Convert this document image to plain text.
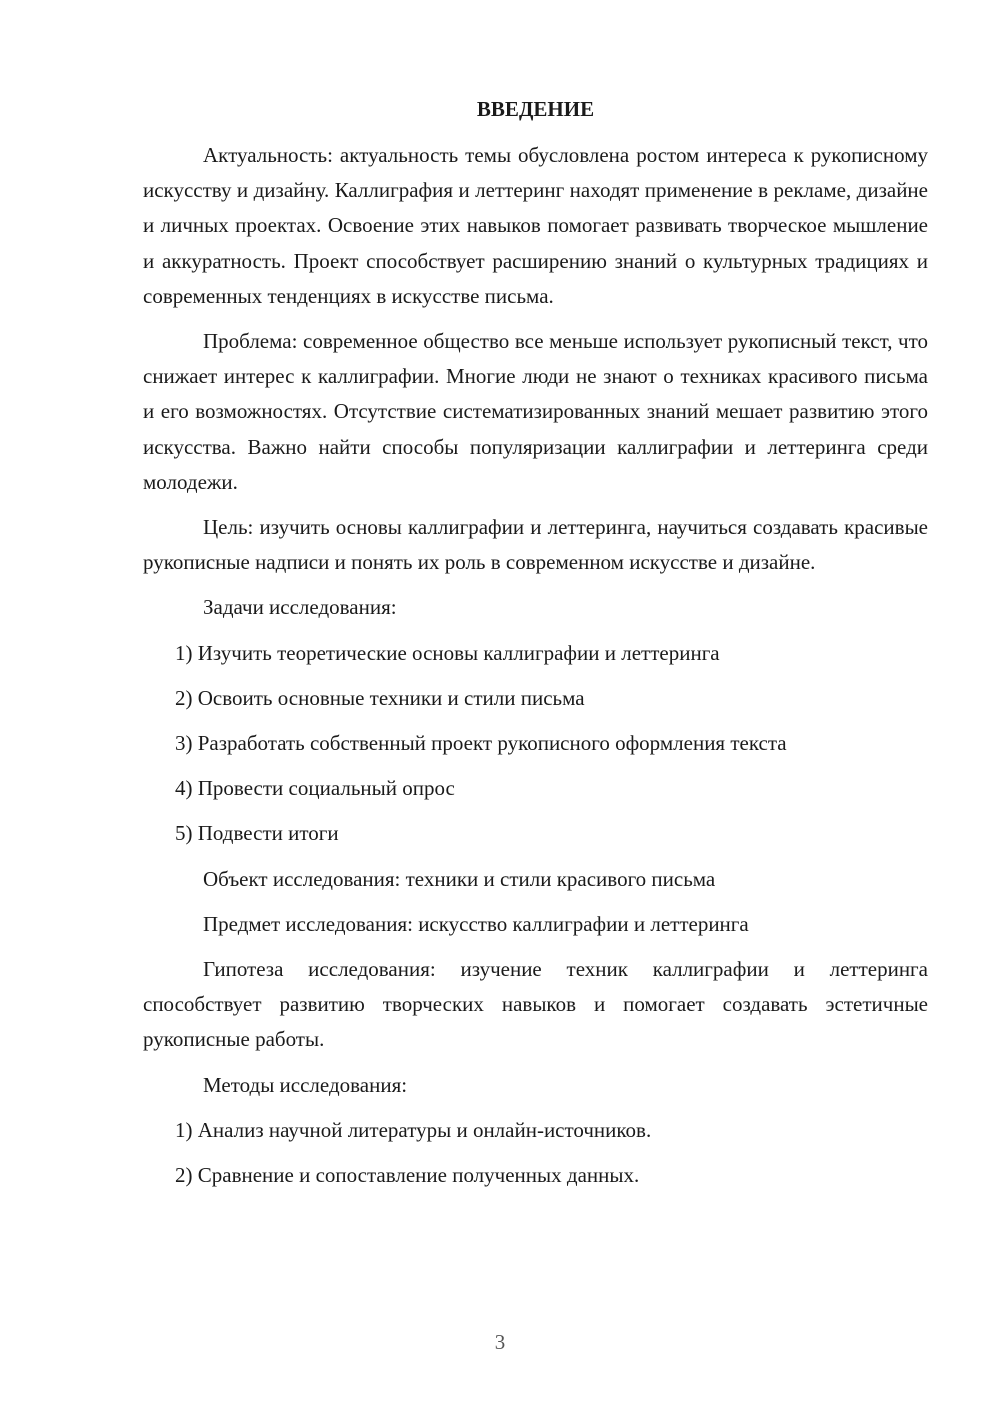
ВВЕДЕНИЕ

Актуальность: актуальность темы обусловлена ростом интереса к рукописному искусству и дизайну. Каллиграфия и леттеринг находят применение в рекламе, дизайне и личных проектах. Освоение этих навыков помогает развивать творческое мышление и аккуратность. Проект способствует расширению знаний о культурных традициях и современных тенденциях в искусстве письма.

Проблема: современное общество все меньше использует рукописный текст, что снижает интерес к каллиграфии. Многие люди не знают о техниках красивого письма и его возможностях. Отсутствие систематизированных знаний мешает развитию этого искусства. Важно найти способы популяризации каллиграфии и леттеринга среди молодежи.

Цель: изучить основы каллиграфии и леттеринга, научиться создавать красивые рукописные надписи и понять их роль в современном искусстве и дизайне.

Задачи исследования:
1) Изучить теоретические основы каллиграфии и леттеринга
2) Освоить основные техники и стили письма
3) Разработать собственный проект рукописного оформления текста
4) Провести социальный опрос
5) Подвести итоги
Объект исследования: техники и стили красивого письма
Предмет исследования: искусство каллиграфии и леттеринга

Гипотеза исследования: изучение техник каллиграфии и леттеринга способствует развитию творческих навыков и помогает создавать эстетичные рукописные работы.

Методы исследования:
1) Анализ научной литературы и онлайн-источников.
2) Сравнение и сопоставление полученных данных.
3
